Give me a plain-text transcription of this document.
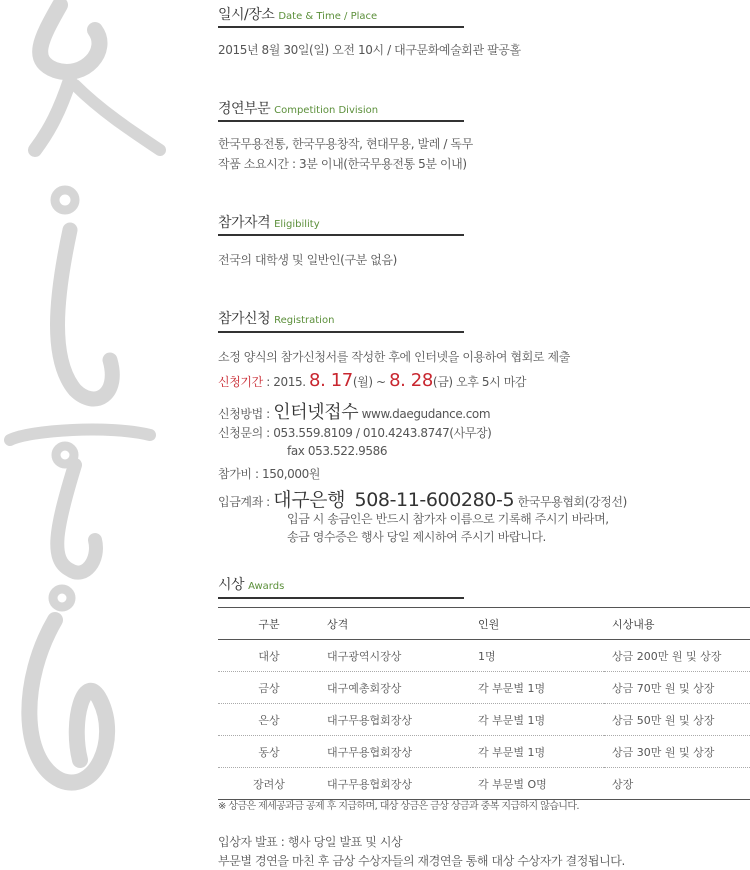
일시/장소 Date & Time / Place
2015년 8월 30일(일) 오전 10시 / 대구문화예술회관 팔공홀
경연부문 Competition Division
한국무용전통, 한국무용창작, 현대무용, 발레 / 독무
작품 소요시간 : 3분 이내(한국무용전통 5분 이내)
참가자격 Eligibility
전국의 대학생 및 일반인(구분 없음)
참가신청 Registration
소정 양식의 참가신청서를 작성한 후에 인터넷을 이용하여 협회로 제출
신청기간 : 2015. 8. 17(월) ~ 8. 28(금) 오후 5시 마감
신청방법 : 인터넷접수 www.daegudance.com
신청문의 : 053.559.8109 / 010.4243.8747(사무장)
fax 053.522.9586
참가비 : 150,000원
입금계좌 : 대구은행 508-11-600280-5 한국무용협회(강정선)
입금 시 송금인은 반드시 참가자 이름으로 기록해 주시기 바라며,
송금 영수증은 행사 당일 제시하여 주시기 바랍니다.
시상 Awards
구분	상격	인원	시상내용
대상	대구광역시장상	1명	상금 200만 원 및 상장
금상	대구예총회장상	각 부문별 1명	상금 70만 원 및 상장
은상	대구무용협회장상	각 부문별 1명	상금 50만 원 및 상장
동상	대구무용협회장상	각 부문별 1명	상금 30만 원 및 상장
장려상	대구무용협회장상	각 부문별 O명	상장
※ 상금은 제세공과금 공제 후 지급하며, 대상 상금은 금상 상금과 중복 지급하지 않습니다.
입상자 발표 : 행사 당일 발표 및 시상
부문별 경연을 마친 후 금상 수상자들의 재경연을 통해 대상 수상자가 결정됩니다.
